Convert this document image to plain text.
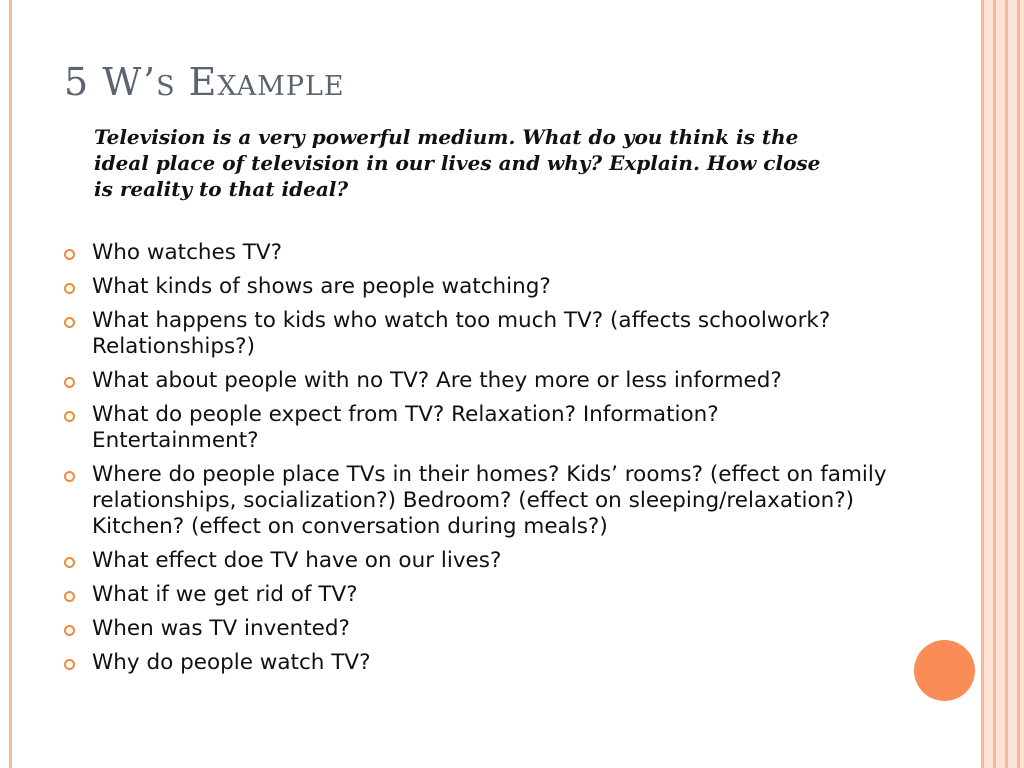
5 W’s Example
Television is a very powerful medium. What do you think is the ideal place of television in our lives and why? Explain. How close is reality to that ideal?
Who watches TV?
What kinds of shows are people watching?
What happens to kids who watch too much TV? (affects schoolwork? Relationships?)
What about people with no TV? Are they more or less informed?
What do people expect from TV? Relaxation? Information? Entertainment?
Where do people place TVs in their homes? Kids’ rooms? (effect on family relationships, socialization?) Bedroom? (effect on sleeping/relaxation?) Kitchen? (effect on conversation during meals?)
What effect doe TV have on our lives?
What if we get rid of TV?
When was TV invented?
Why do people watch TV?
